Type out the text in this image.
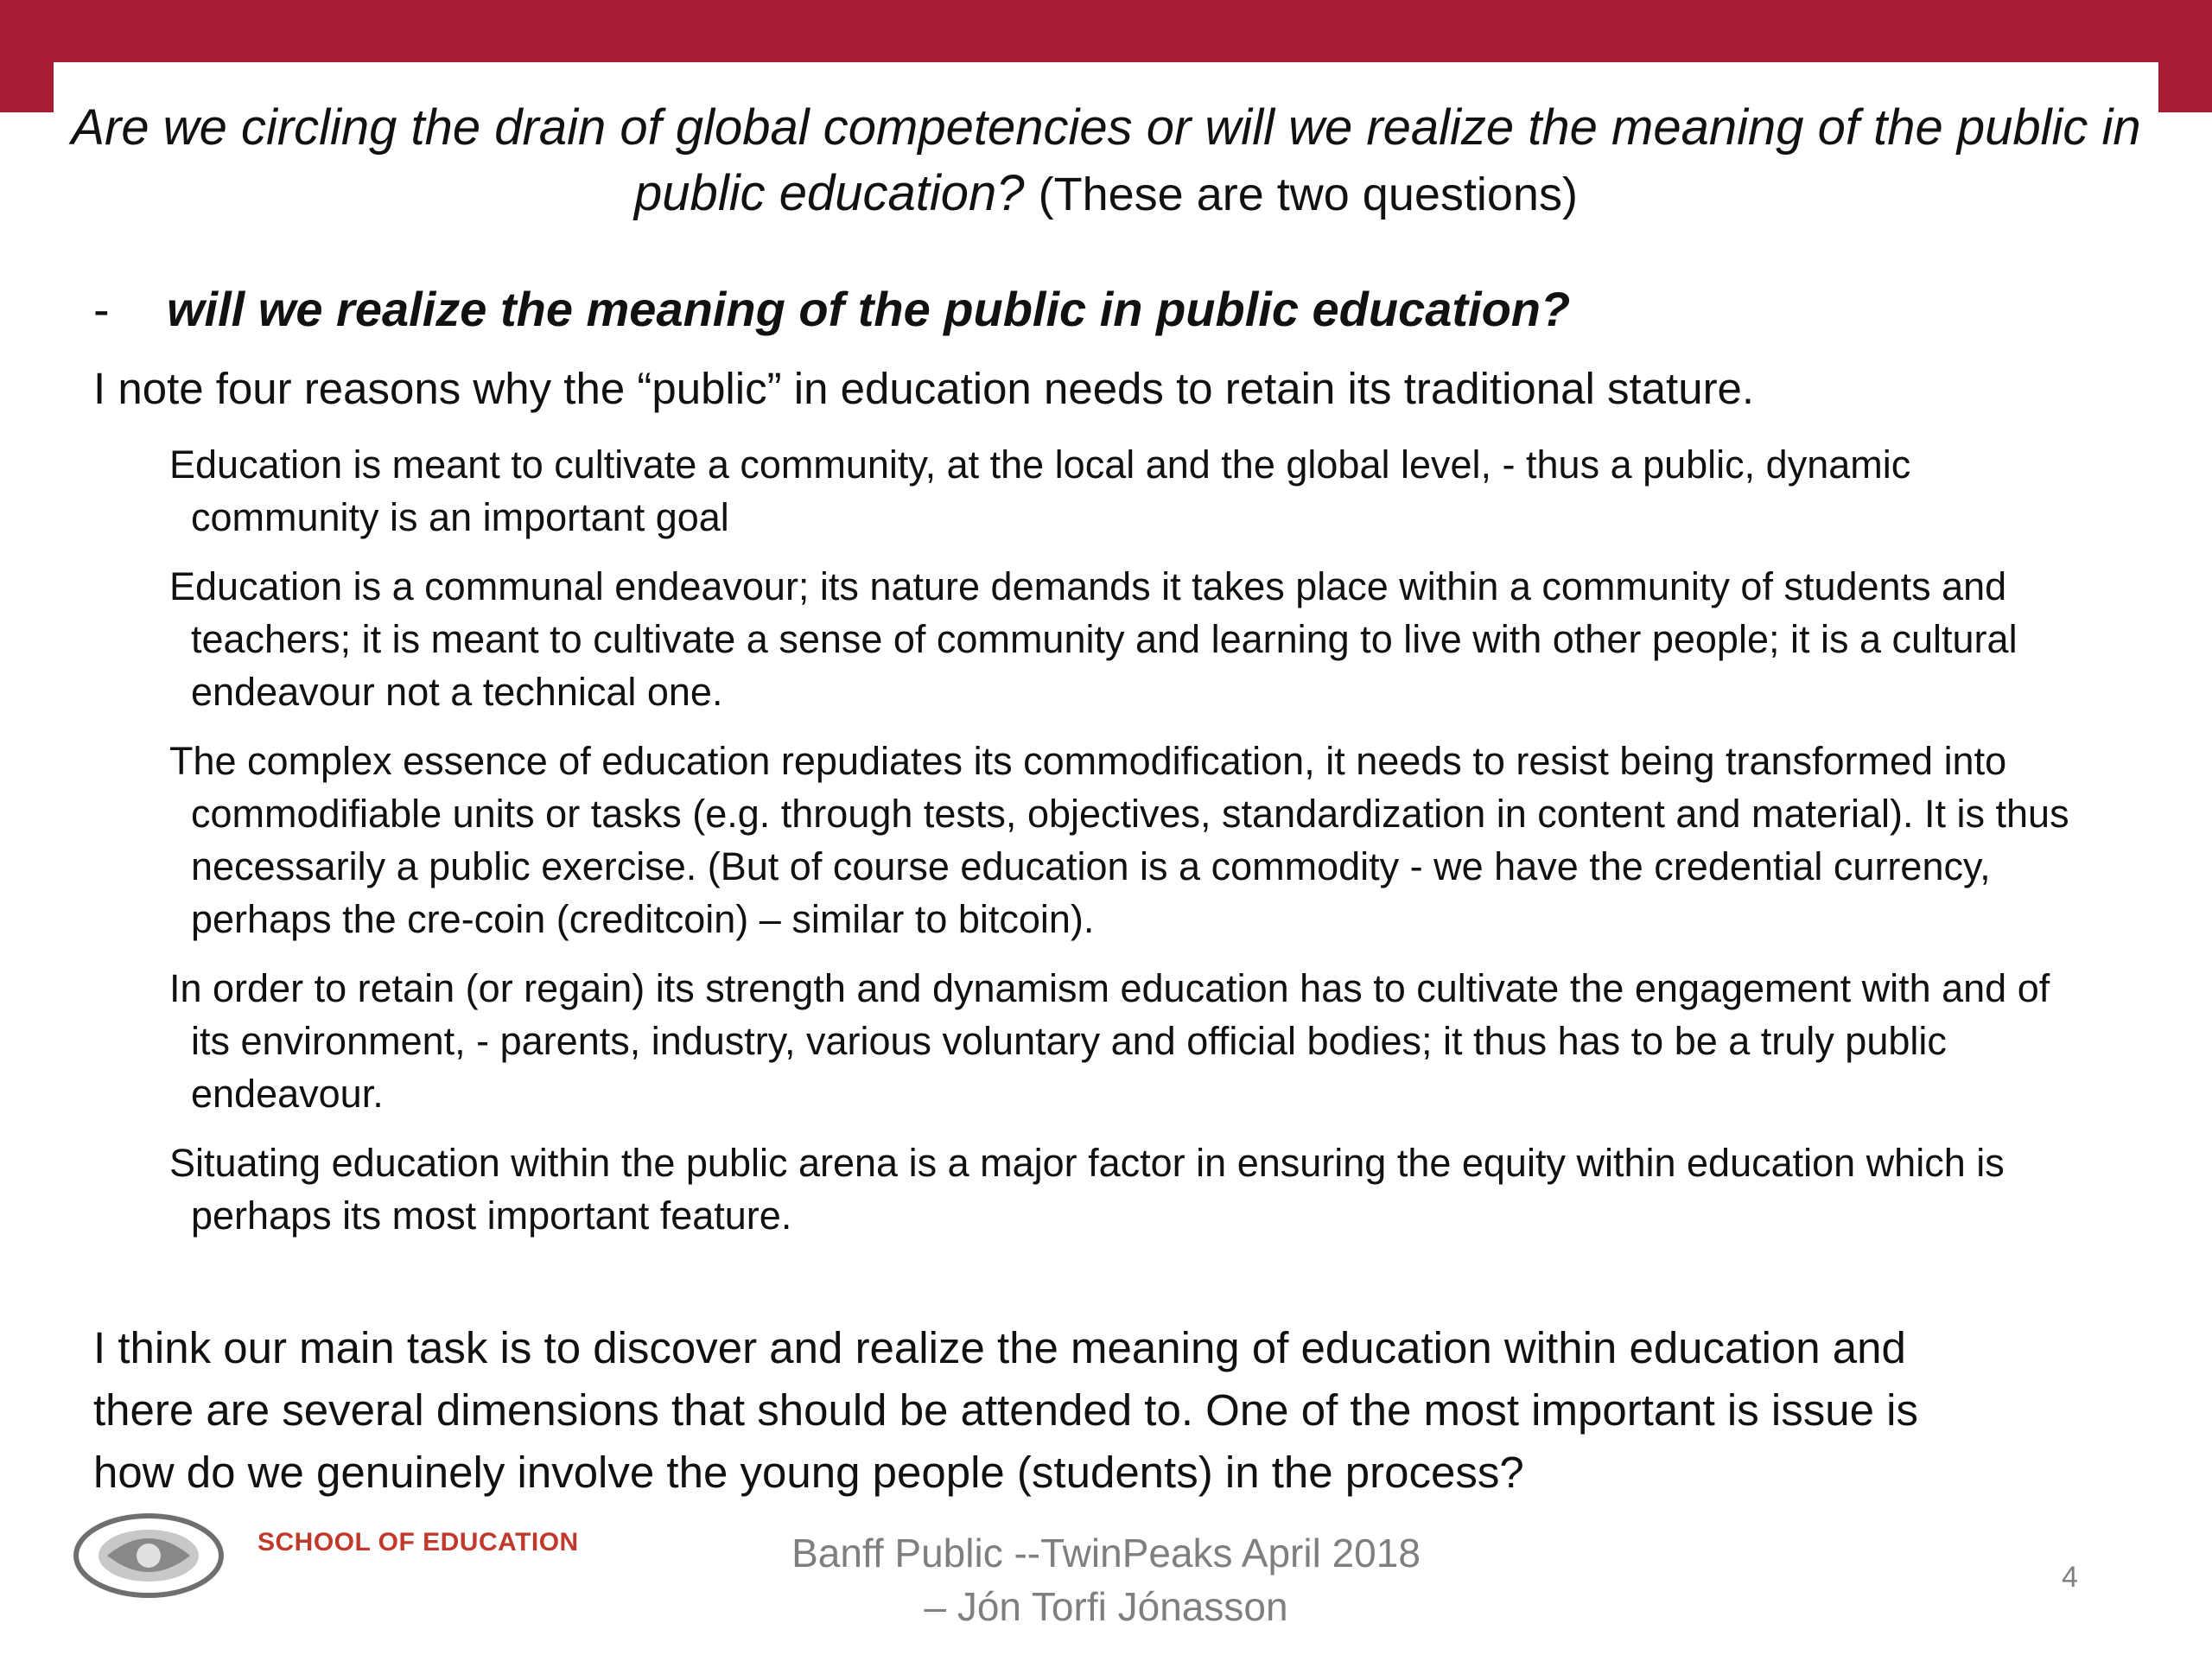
Are we circling the drain of global competencies or will we realize the meaning of the public in public education? (These are two questions)
- will we realize the meaning of the public in public education?
I note four reasons why the “public” in education needs to retain its traditional stature.
Education is meant to cultivate a community, at the local and the global level, - thus a public, dynamic community is an important goal
Education is a communal endeavour; its nature demands it takes place within a community of students and teachers; it is meant to cultivate a sense of community and learning to live with other people; it is a cultural endeavour not a technical one.
The complex essence of education repudiates its commodification, it needs to resist being transformed into commodifiable units or tasks (e.g. through tests, objectives, standardization in content and material). It is thus necessarily a public exercise. (But of course education is a commodity - we have the credential currency, perhaps the cre-coin (creditcoin) – similar to bitcoin).
In order to retain (or regain) its strength and dynamism education has to cultivate the engagement with and of its environment, - parents, industry, various voluntary and official bodies; it thus has to be a truly public endeavour.
Situating education within the public arena is a major factor in ensuring the equity within education which is perhaps its most important feature.
I think our main task is to discover and realize the meaning of education within education and there are several dimensions that should be attended to. One of the most important is issue is how do we genuinely involve the young people (students) in the process?
SCHOOL OF EDUCATION	Banff Public --TwinPeaks April 2018
– Jón Torfi Jónasson
4
